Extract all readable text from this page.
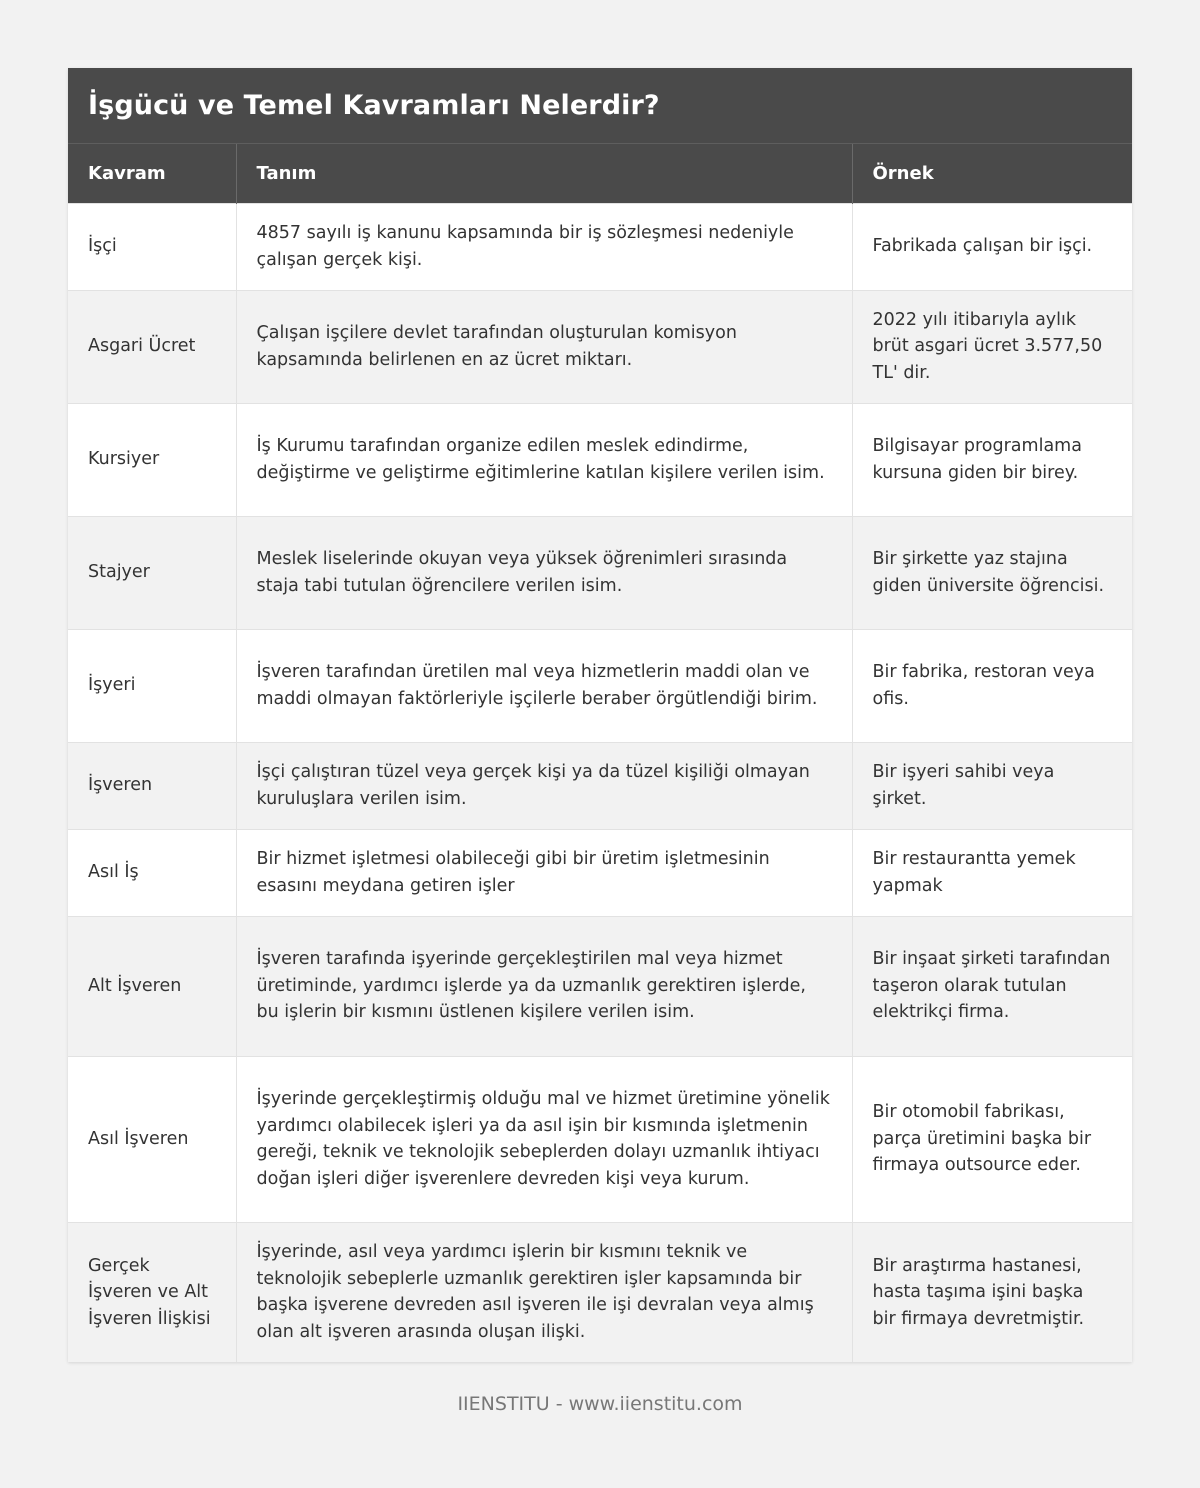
İşgücü ve Temel Kavramları Nelerdir?
Kavram	Tanım	Örnek
İşçi	4857 sayılı iş kanunu kapsamında bir iş sözleşmesi nedeniyle çalışan gerçek kişi.	Fabrikada çalışan bir işçi.
Asgari Ücret	Çalışan işçilere devlet tarafından oluşturulan komisyon kapsamında belirlenen en az ücret miktarı.	2022 yılı itibarıyla aylık brüt asgari ücret 3.577,50 TL' dir.
Kursiyer	İş Kurumu tarafından organize edilen meslek edindirme, değiştirme ve geliştirme eğitimlerine katılan kişilere verilen isim.	Bilgisayar programlama kursuna giden bir birey.
Stajyer	Meslek liselerinde okuyan veya yüksek öğrenimleri sırasında staja tabi tutulan öğrencilere verilen isim.	Bir şirkette yaz stajına giden üniversite öğrencisi.
İşyeri	İşveren tarafından üretilen mal veya hizmetlerin maddi olan ve maddi olmayan faktörleriyle işçilerle beraber örgütlendiği birim.	Bir fabrika, restoran veya ofis.
İşveren	İşçi çalıştıran tüzel veya gerçek kişi ya da tüzel kişiliği olmayan kuruluşlara verilen isim.	Bir işyeri sahibi veya şirket.
Asıl İş	Bir hizmet işletmesi olabileceği gibi bir üretim işletmesinin esasını meydana getiren işler	Bir restaurantta yemek yapmak
Alt İşveren	İşveren tarafında işyerinde gerçekleştirilen mal veya hizmet üretiminde, yardımcı işlerde ya da uzmanlık gerektiren işlerde, bu işlerin bir kısmını üstlenen kişilere verilen isim.	Bir inşaat şirketi tarafından taşeron olarak tutulan elektrikçi firma.
Asıl İşveren	İşyerinde gerçekleştirmiş olduğu mal ve hizmet üretimine yönelik yardımcı olabilecek işleri ya da asıl işin bir kısmında işletmenin gereği, teknik ve teknolojik sebeplerden dolayı uzmanlık ihtiyacı doğan işleri diğer işverenlere devreden kişi veya kurum.	Bir otomobil fabrikası, parça üretimini başka bir firmaya outsource eder.
Gerçek İşveren ve Alt İşveren İlişkisi	İşyerinde, asıl veya yardımcı işlerin bir kısmını teknik ve teknolojik sebeplerle uzmanlık gerektiren işler kapsamında bir başka işverene devreden asıl işveren ile işi devralan veya almış olan alt işveren arasında oluşan ilişki.	Bir araştırma hastanesi, hasta taşıma işini başka bir firmaya devretmiştir.
IIENSTITU - www.iienstitu.com
